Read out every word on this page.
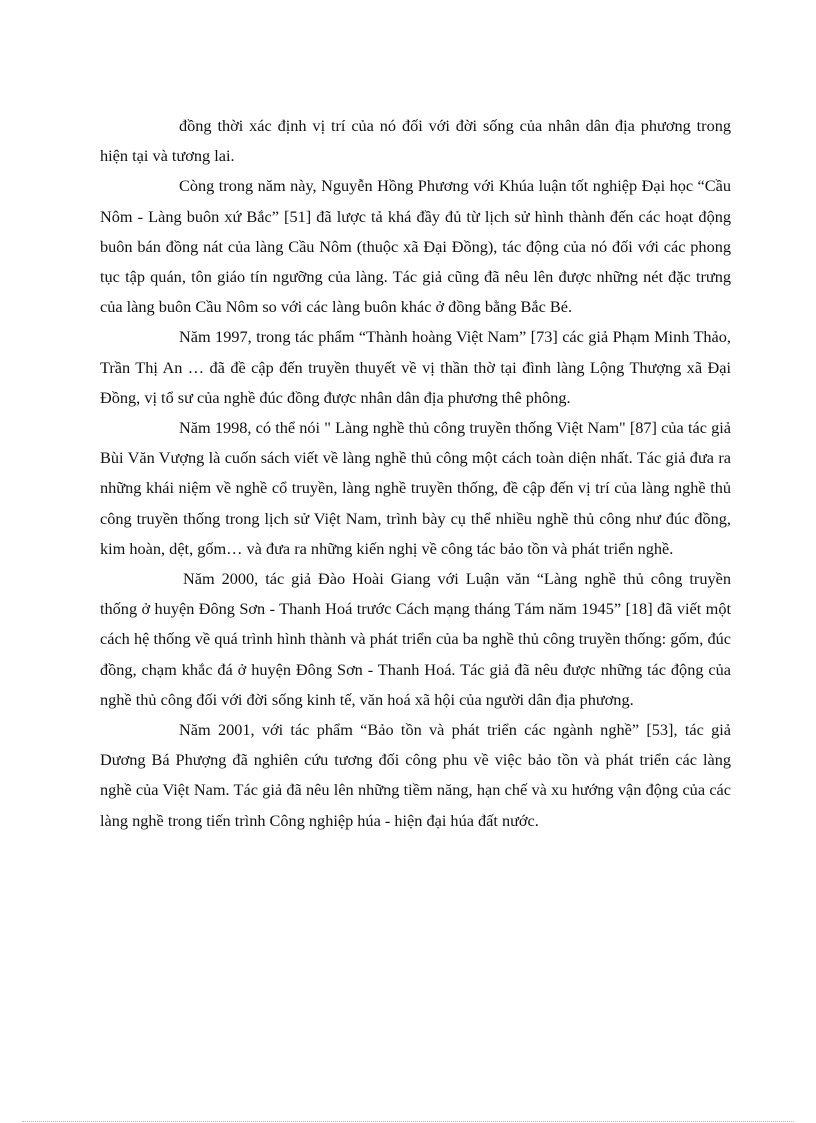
đồng thời xác định vị trí của nó đối với đời sống của nhân dân địa phương trong hiện tại và tương lai.

Còng trong năm này, Nguyễn Hồng Phương với Khúa luận tốt nghiệp Đại học “Cầu Nôm - Làng buôn xứ Bắc” [51] đã lược tả khá đầy đủ từ lịch sử hình thành đến các hoạt động buôn bán đồng nát của làng Cầu Nôm (thuộc xã Đại Đồng), tác động của nó đối với các phong tục tập quán, tôn giáo tín ngưỡng của làng. Tác giả cũng đã nêu lên được những nét đặc trưng của làng buôn Cầu Nôm so với các làng buôn khác ở đồng bằng Bắc Bé.

Năm 1997, trong tác phẩm “Thành hoàng Việt Nam” [73] các giả Phạm Minh Thảo, Trần Thị An … đã đề cập đến truyền thuyết về vị thần thờ tại đình làng Lộng Thượng xã Đại Đồng, vị tổ sư của nghề đúc đồng được nhân dân địa phương thê phông.

Năm 1998, có thể nói " Làng nghề thủ công truyền thống Việt Nam" [87] của tác giả Bùi Văn Vượng là cuốn sách viết về làng nghề thủ công một cách toàn diện nhất. Tác giả đưa ra những khái niệm về nghề cổ truyền, làng nghề truyền thống, đề cập đến vị trí của làng nghề thủ công truyền thống trong lịch sử Việt Nam, trình bày cụ thể nhiều nghề thủ công như đúc đồng, kim hoàn, dệt, gốm… và đưa ra những kiến nghị về công tác bảo tồn và phát triển nghề.

Năm 2000, tác giả Đào Hoài Giang với Luận văn “Làng nghề thủ công truyền thống ở huyện Đông Sơn - Thanh Hoá trước Cách mạng tháng Tám năm 1945” [18] đã viết một cách hệ thống về quá trình hình thành và phát triển của ba nghề thủ công truyền thống: gốm, đúc đồng, chạm khắc đá ở huyện Đông Sơn - Thanh Hoá. Tác giả đã nêu được những tác động của nghề thủ công đối với đời sống kinh tế, văn hoá xã hội của người dân địa phương.

Năm 2001, với tác phẩm “Bảo tồn và phát triển các ngành nghề” [53], tác giả Dương Bá Phượng đã nghiên cứu tương đối công phu về việc bảo tồn và phát triển các làng nghề của Việt Nam. Tác giả đã nêu lên những tiềm năng, hạn chế và xu hướng vận động của các làng nghề trong tiến trình Công nghiệp húa - hiện đại húa đất nước.
